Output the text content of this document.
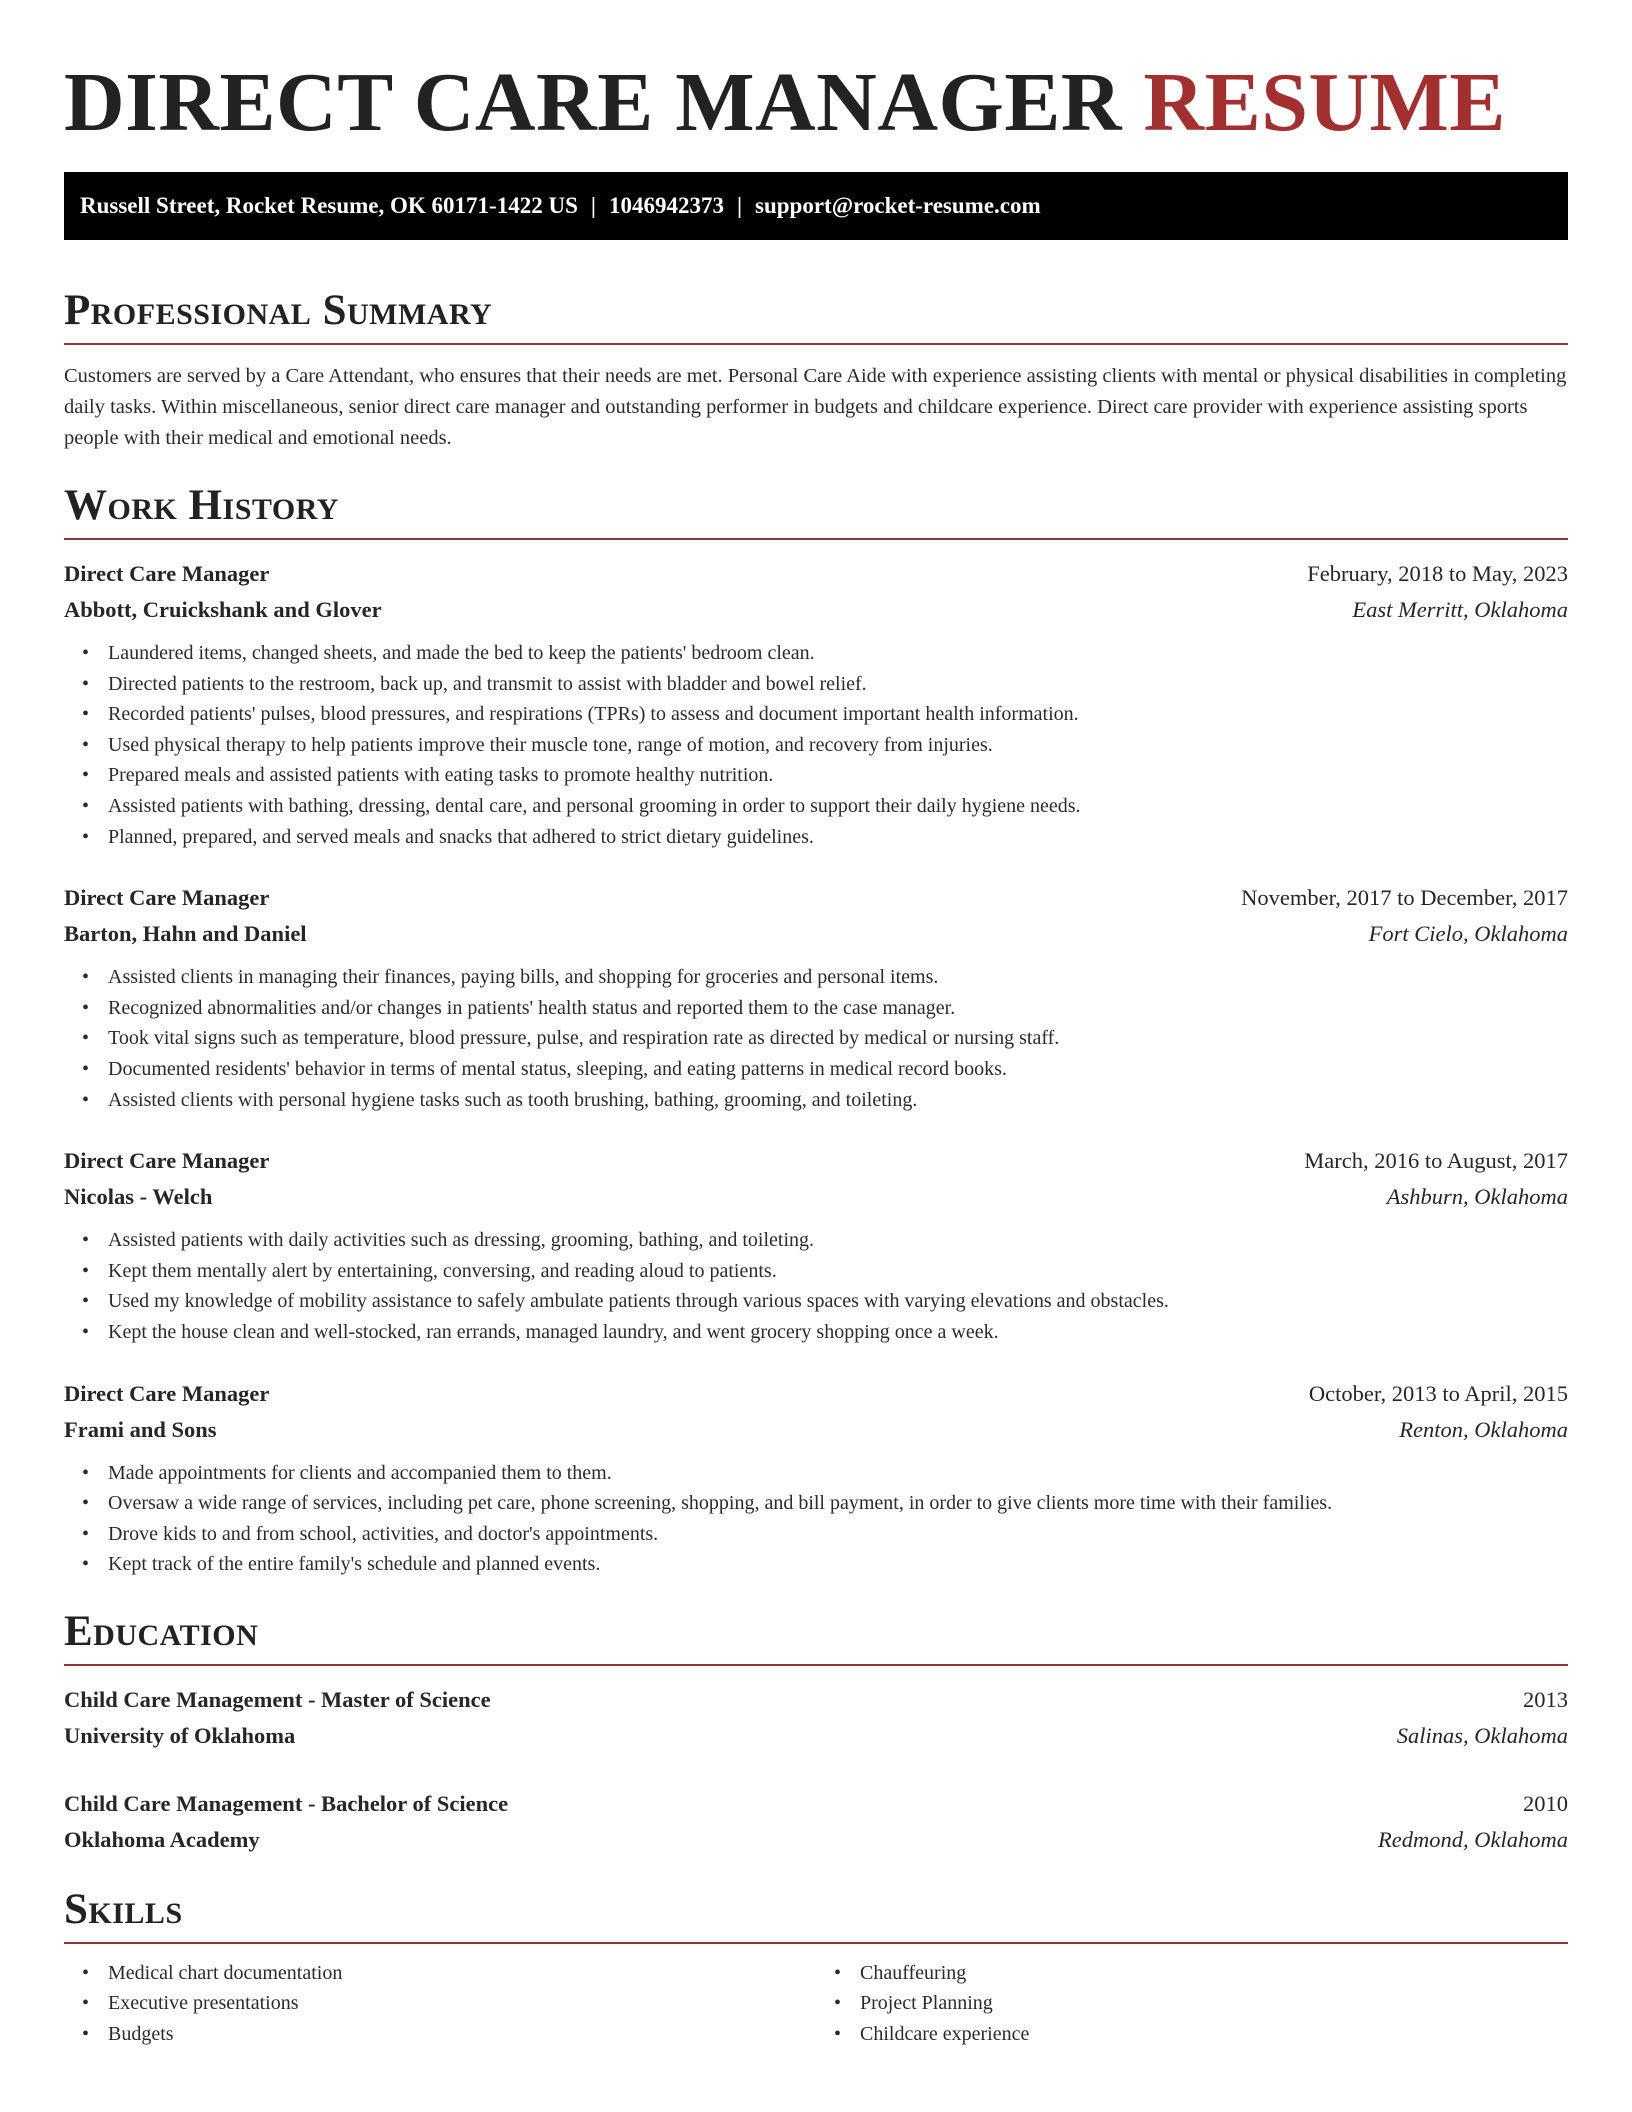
DIRECT CARE MANAGER RESUME
Russell Street, Rocket Resume, OK 60171-1422 US | 1046942373 | support@rocket-resume.com
Professional Summary
Customers are served by a Care Attendant, who ensures that their needs are met. Personal Care Aide with experience assisting clients with mental or physical disabilities in completing daily tasks. Within miscellaneous, senior direct care manager and outstanding performer in budgets and childcare experience. Direct care provider with experience assisting sports people with their medical and emotional needs.
Work History
Direct Care Manager	February, 2018 to May, 2023
Abbott, Cruickshank and Glover	East Merritt, Oklahoma
• Laundered items, changed sheets, and made the bed to keep the patients' bedroom clean.
• Directed patients to the restroom, back up, and transmit to assist with bladder and bowel relief.
• Recorded patients' pulses, blood pressures, and respirations (TPRs) to assess and document important health information.
• Used physical therapy to help patients improve their muscle tone, range of motion, and recovery from injuries.
• Prepared meals and assisted patients with eating tasks to promote healthy nutrition.
• Assisted patients with bathing, dressing, dental care, and personal grooming in order to support their daily hygiene needs.
• Planned, prepared, and served meals and snacks that adhered to strict dietary guidelines.
Direct Care Manager	November, 2017 to December, 2017
Barton, Hahn and Daniel	Fort Cielo, Oklahoma
• Assisted clients in managing their finances, paying bills, and shopping for groceries and personal items.
• Recognized abnormalities and/or changes in patients' health status and reported them to the case manager.
• Took vital signs such as temperature, blood pressure, pulse, and respiration rate as directed by medical or nursing staff.
• Documented residents' behavior in terms of mental status, sleeping, and eating patterns in medical record books.
• Assisted clients with personal hygiene tasks such as tooth brushing, bathing, grooming, and toileting.
Direct Care Manager	March, 2016 to August, 2017
Nicolas - Welch	Ashburn, Oklahoma
• Assisted patients with daily activities such as dressing, grooming, bathing, and toileting.
• Kept them mentally alert by entertaining, conversing, and reading aloud to patients.
• Used my knowledge of mobility assistance to safely ambulate patients through various spaces with varying elevations and obstacles.
• Kept the house clean and well-stocked, ran errands, managed laundry, and went grocery shopping once a week.
Direct Care Manager	October, 2013 to April, 2015
Frami and Sons	Renton, Oklahoma
• Made appointments for clients and accompanied them to them.
• Oversaw a wide range of services, including pet care, phone screening, shopping, and bill payment, in order to give clients more time with their families.
• Drove kids to and from school, activities, and doctor's appointments.
• Kept track of the entire family's schedule and planned events.
Education
Child Care Management - Master of Science	2013
University of Oklahoma	Salinas, Oklahoma
Child Care Management - Bachelor of Science	2010
Oklahoma Academy	Redmond, Oklahoma
Skills
• Medical chart documentation
• Executive presentations
• Budgets
• Chauffeuring
• Project Planning
• Childcare experience
